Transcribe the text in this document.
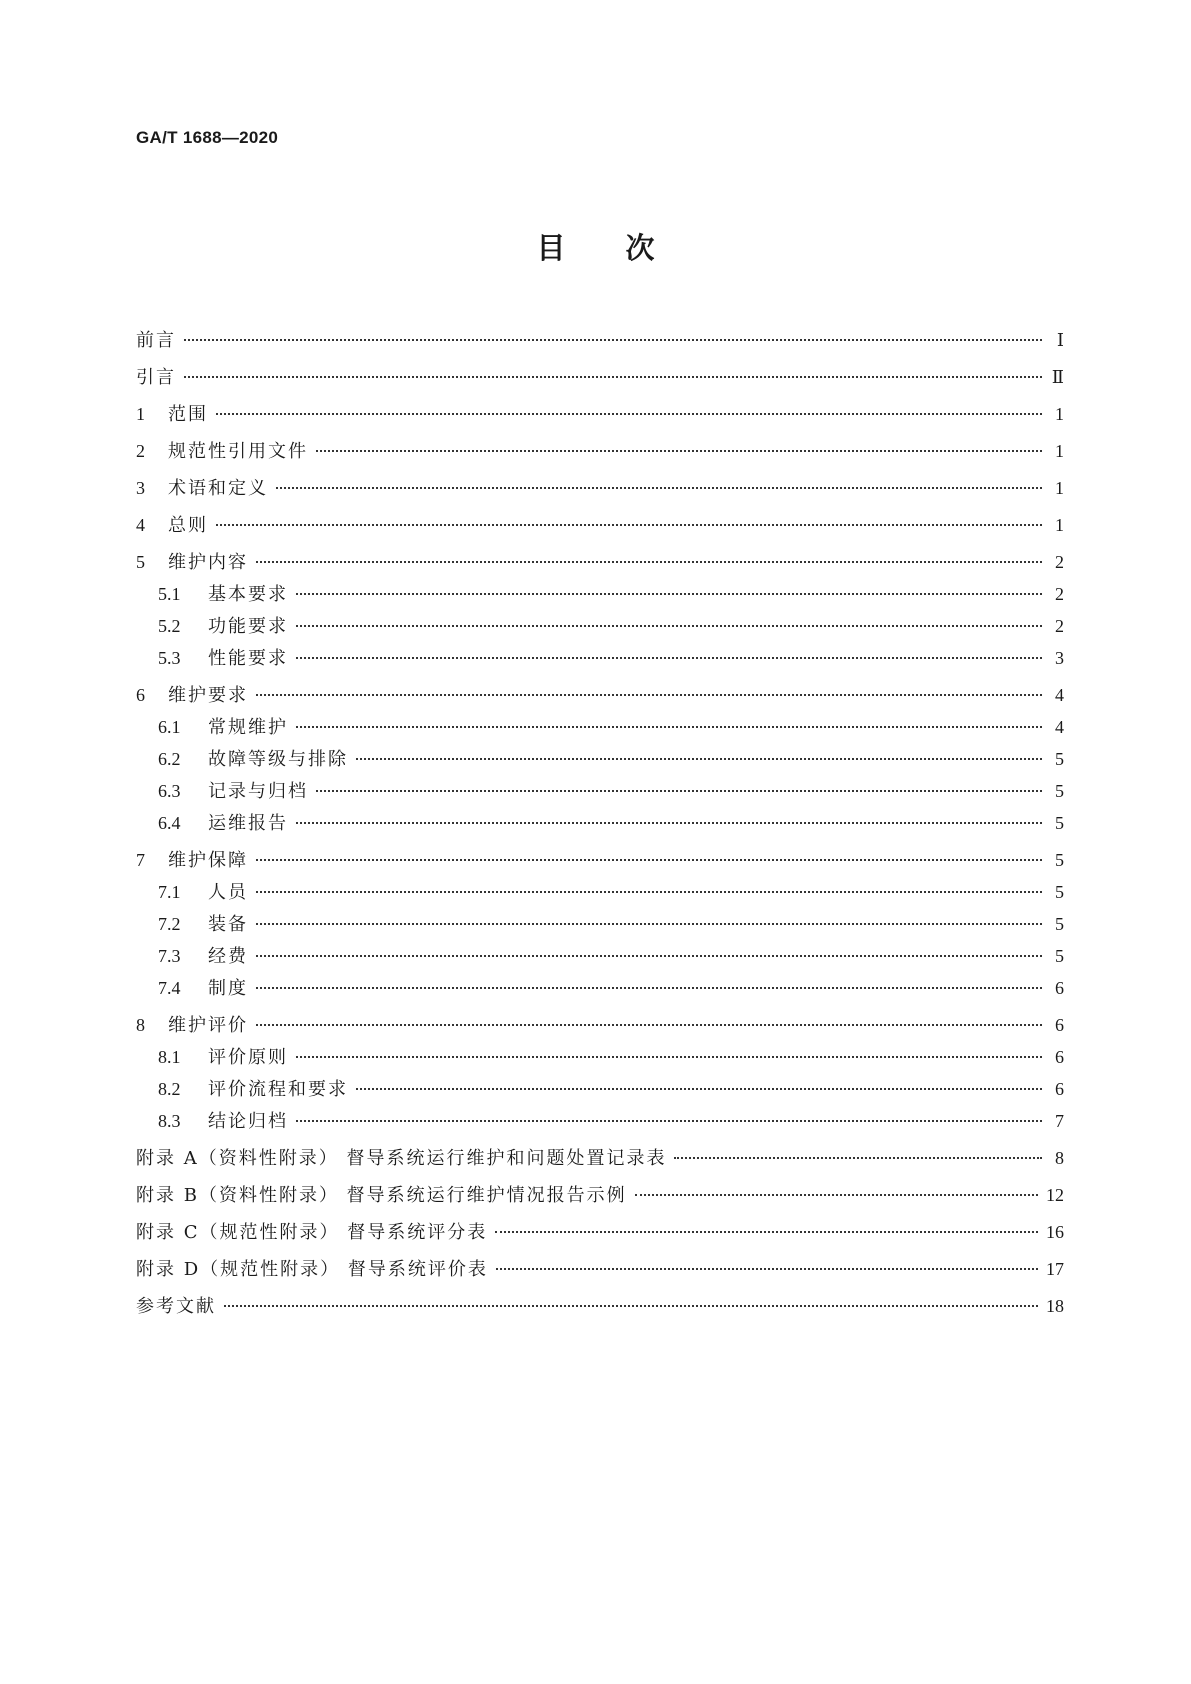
GA/T 1688—2020
目次
前言	Ⅰ
引言	Ⅱ
1	范围	1
2	规范性引用文件	1
3	术语和定义	1
4	总则	1
5	维护内容	2
5.1	基本要求	2
5.2	功能要求	2
5.3	性能要求	3
6	维护要求	4
6.1	常规维护	4
6.2	故障等级与排除	5
6.3	记录与归档	5
6.4	运维报告	5
7	维护保障	5
7.1	人员	5
7.2	装备	5
7.3	经费	5
7.4	制度	6
8	维护评价	6
8.1	评价原则	6
8.2	评价流程和要求	6
8.3	结论归档	7
附录 A（资料性附录） 督导系统运行维护和问题处置记录表	8
附录 B（资料性附录） 督导系统运行维护情况报告示例	12
附录 C（规范性附录） 督导系统评分表	16
附录 D（规范性附录） 督导系统评价表	17
参考文献	18
